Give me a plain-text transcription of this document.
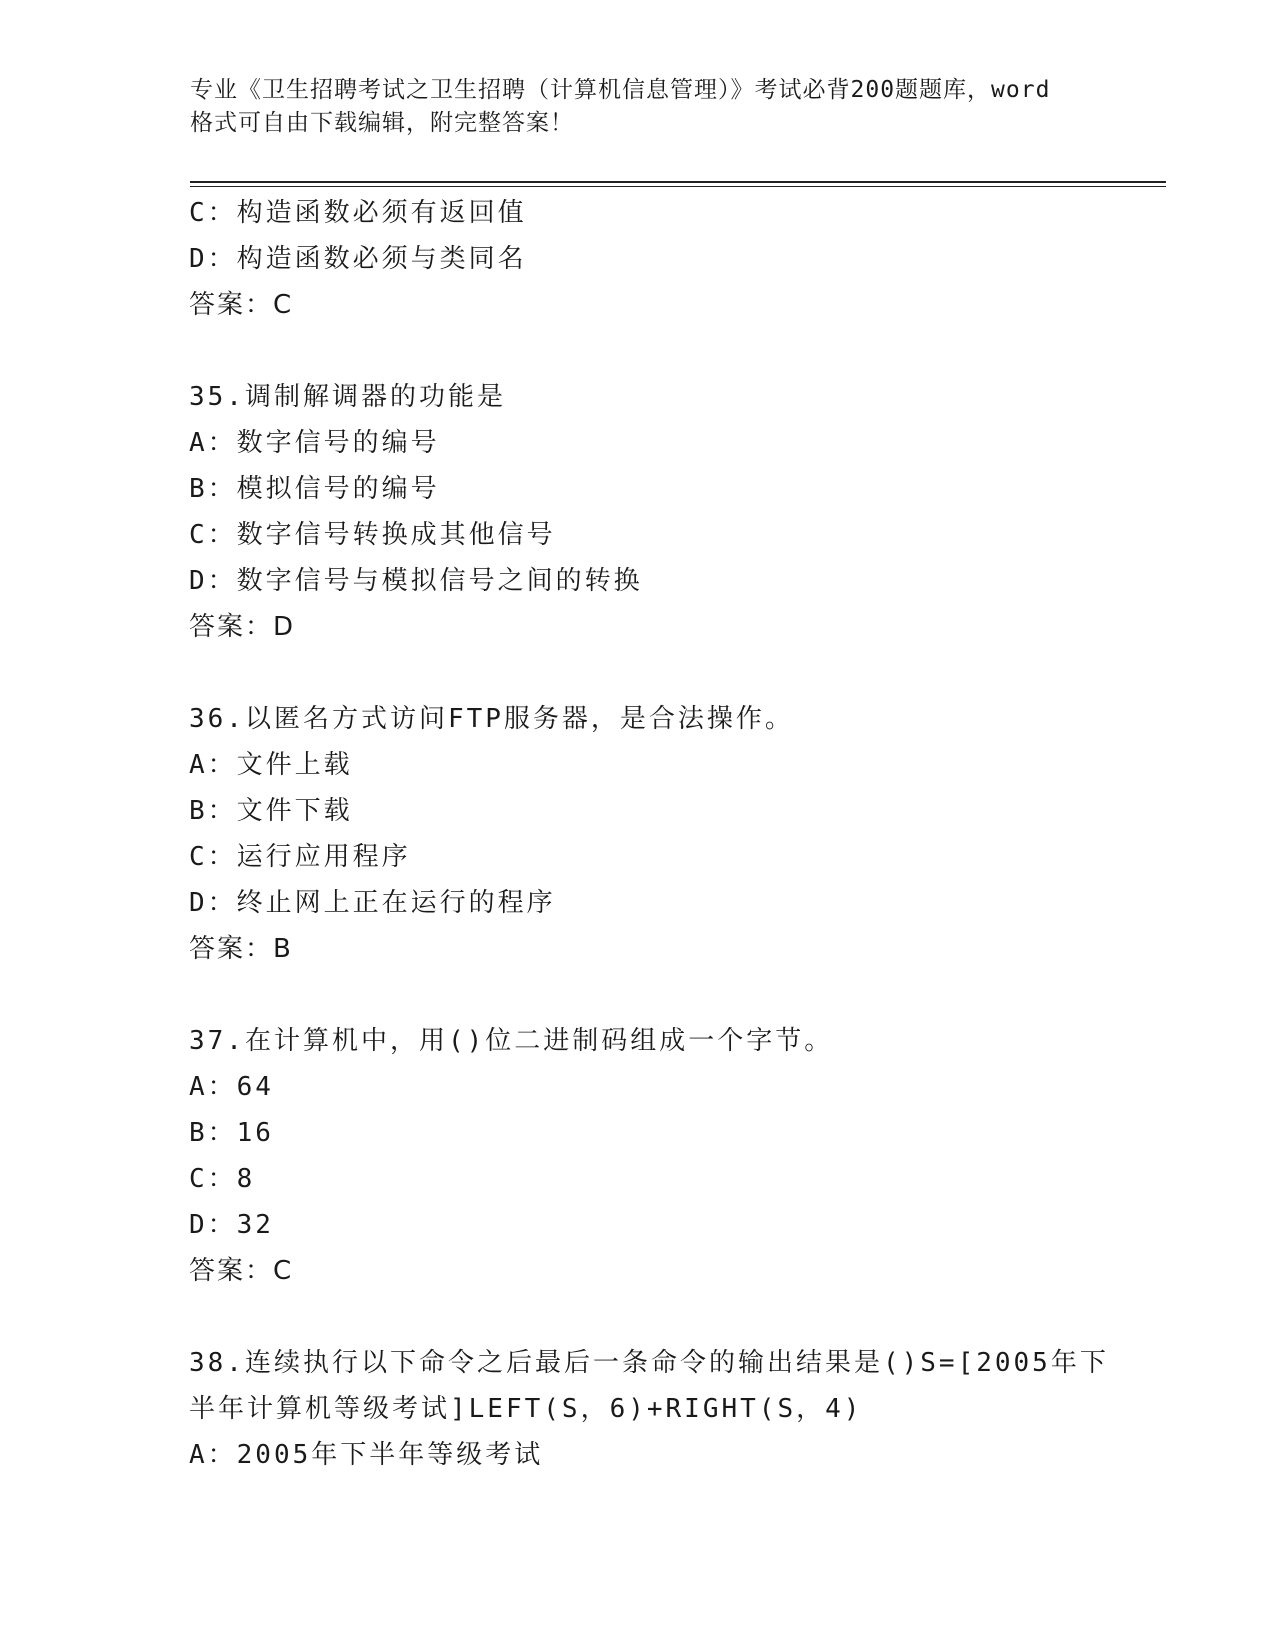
专业《卫生招聘考试之卫生招聘（计算机信息管理）》考试必背200题题库，word
格式可自由下载编辑，附完整答案！
C：构造函数必须有返回值
D：构造函数必须与类同名
答案：C
35.调制解调器的功能是
A：数字信号的编号
B：模拟信号的编号
C：数字信号转换成其他信号
D：数字信号与模拟信号之间的转换
答案：D
36.以匿名方式访问FTP服务器，是合法操作。
A：文件上载
B：文件下载
C：运行应用程序
D：终止网上正在运行的程序
答案：B
37.在计算机中，用()位二进制码组成一个字节。
A：64
B：16
C：8
D：32
答案：C
38.连续执行以下命令之后最后一条命令的输出结果是()S=[2005年下
半年计算机等级考试]LEFT(S，6)+RIGHT(S，4)
A：2005年下半年等级考试
